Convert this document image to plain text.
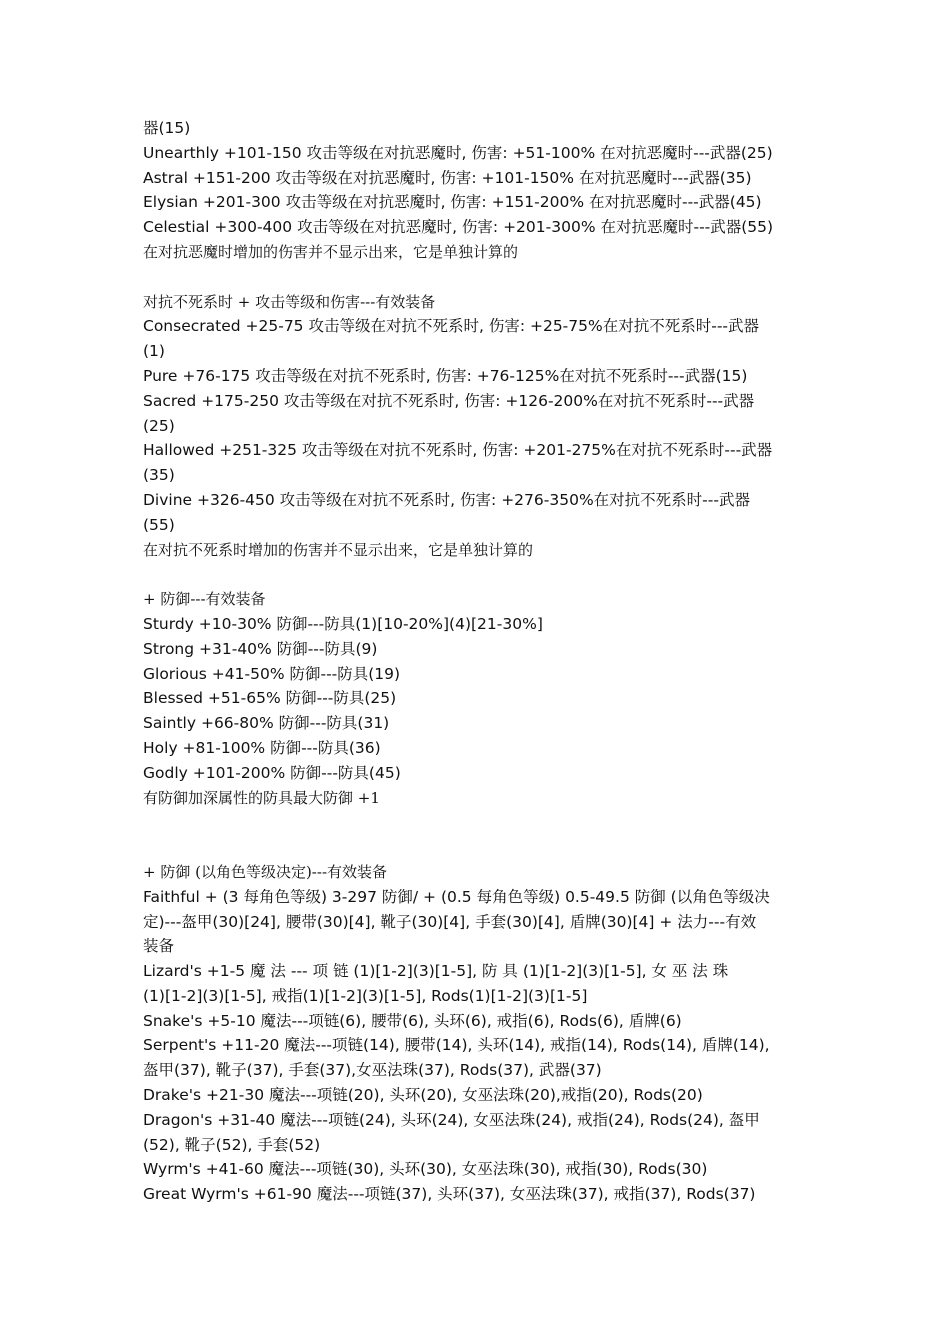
器(15)
Unearthly +101-150 攻击等级在对抗恶魔时, 伤害: +51-100% 在对抗恶魔时---武器(25)
Astral +151-200 攻击等级在对抗恶魔时, 伤害: +101-150% 在对抗恶魔时---武器(35)
Elysian +201-300 攻击等级在对抗恶魔时, 伤害: +151-200% 在对抗恶魔时---武器(45)
Celestial +300-400 攻击等级在对抗恶魔时, 伤害: +201-300% 在对抗恶魔时---武器(55)
在对抗恶魔时增加的伤害并不显示出来，它是单独计算的
对抗不死系时 + 攻击等级和伤害---有效装备
Consecrated +25-75 攻击等级在对抗不死系时, 伤害: +25-75%在对抗不死系时---武器
(1)
Pure +76-175 攻击等级在对抗不死系时, 伤害: +76-125%在对抗不死系时---武器(15)
Sacred +175-250 攻击等级在对抗不死系时, 伤害: +126-200%在对抗不死系时---武器
(25)
Hallowed +251-325 攻击等级在对抗不死系时, 伤害: +201-275%在对抗不死系时---武器
(35)
Divine +326-450 攻击等级在对抗不死系时, 伤害: +276-350%在对抗不死系时---武器
(55)
在对抗不死系时增加的伤害并不显示出来，它是单独计算的
+ 防御---有效装备
Sturdy +10-30% 防御---防具(1)[10-20%](4)[21-30%]
Strong +31-40% 防御---防具(9)
Glorious +41-50% 防御---防具(19)
Blessed +51-65% 防御---防具(25)
Saintly +66-80% 防御---防具(31)
Holy +81-100% 防御---防具(36)
Godly +101-200% 防御---防具(45)
有防御加深属性的防具最大防御 +1
+ 防御 (以角色等级决定)---有效装备
Faithful + (3 每角色等级) 3-297 防御/ + (0.5 每角色等级) 0.5-49.5 防御 (以角色等级决
定)---盔甲(30)[24], 腰带(30)[4], 靴子(30)[4], 手套(30)[4], 盾牌(30)[4] + 法力---有效
装备
Lizard's +1-5 魔 法 --- 项 链 (1)[1-2](3)[1-5], 防 具 (1)[1-2](3)[1-5], 女 巫 法 珠
(1)[1-2](3)[1-5], 戒指(1)[1-2](3)[1-5], Rods(1)[1-2](3)[1-5]
Snake's +5-10 魔法---项链(6), 腰带(6), 头环(6), 戒指(6), Rods(6), 盾牌(6)
Serpent's +11-20 魔法---项链(14), 腰带(14), 头环(14), 戒指(14), Rods(14), 盾牌(14),
盔甲(37), 靴子(37), 手套(37),女巫法珠(37), Rods(37), 武器(37)
Drake's +21-30 魔法---项链(20), 头环(20), 女巫法珠(20),戒指(20), Rods(20)
Dragon's +31-40 魔法---项链(24), 头环(24), 女巫法珠(24), 戒指(24), Rods(24), 盔甲
(52), 靴子(52), 手套(52)
Wyrm's +41-60 魔法---项链(30), 头环(30), 女巫法珠(30), 戒指(30), Rods(30)
Great Wyrm's +61-90 魔法---项链(37), 头环(37), 女巫法珠(37), 戒指(37), Rods(37)
